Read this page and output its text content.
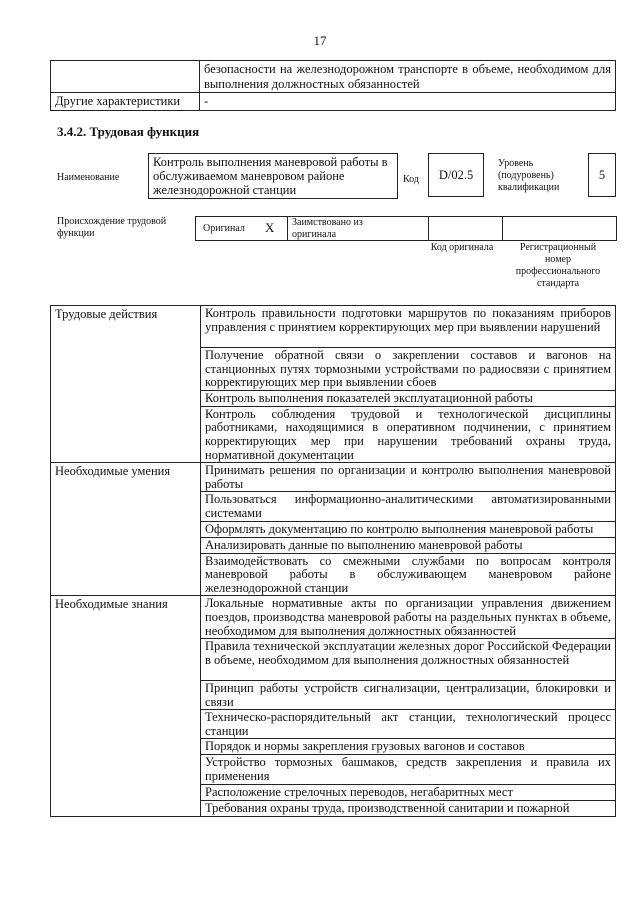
17
	безопасности на железнодорожном транспорте в объеме, необходимом для выполнения должностных обязанностей
Другие характеристики	-
3.4.2. Трудовая функция
Наименование
Контроль выполнения маневровой работы в обслуживаемом маневровом районе железнодорожной станции
Код	D/02.5
Уровень (подуровень) квалификации
5
Происхождение трудовой функции	Оригинал X Заимствовано из оригинала
Код оригинала	Регистрационный номер профессионального стандарта
Трудовые действия	Контроль правильности подготовки маршрутов по показаниям приборов управления с принятием корректирующих мер при выявлении нарушений
	Получение обратной связи о закреплении составов и вагонов на станционных путях тормозными устройствами по радиосвязи с принятием корректирующих мер при выявлении сбоев
	Контроль выполнения показателей эксплуатационной работы
	Контроль соблюдения трудовой и технологической дисциплины работниками, находящимися в оперативном подчинении, с принятием корректирующих мер при нарушении требований охраны труда, нормативной документации
Необходимые умения	Принимать решения по организации и контролю выполнения маневровой работы
	Пользоваться информационно-аналитическими автоматизированными системами
	Оформлять документацию по контролю выполнения маневровой работы
	Анализировать данные по выполнению маневровой работы
	Взаимодействовать со смежными службами по вопросам контроля маневровой работы в обслуживающем маневровом районе железнодорожной станции
Необходимые знания	Локальные нормативные акты по организации управления движением поездов, производства маневровой работы на раздельных пунктах в объеме, необходимом для выполнения должностных обязанностей
	Правила технической эксплуатации железных дорог Российской Федерации в объеме, необходимом для выполнения должностных обязанностей
	Принцип работы устройств сигнализации, централизации, блокировки и связи
	Техническо-распорядительный акт станции, технологический процесс станции
	Порядок и нормы закрепления грузовых вагонов и составов
	Устройство тормозных башмаков, средств закрепления и правила их применения
	Расположение стрелочных переводов, негабаритных мест
	Требования охраны труда, производственной санитарии и пожарной
